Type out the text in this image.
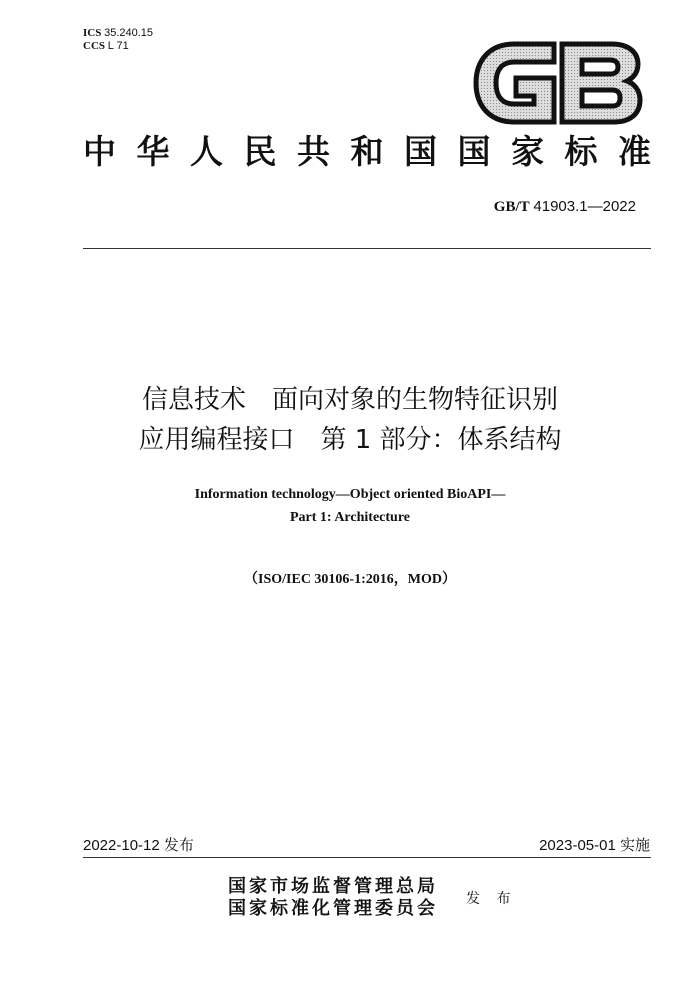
ICS 35.240.15
CCS L 71
中 华 人 民 共 和 国 国 家 标 准
GB/T 41903.1—2022
信息技术　面向对象的生物特征识别
应用编程接口　第 1 部分：体系结构
Information technology—Object oriented BioAPI—
Part 1: Architecture
（ISO/IEC 30106-1:2016，MOD）
2022-10-12 发布	2023-05-01 实施
国家市场监督管理总局
国家标准化管理委员会 发 布
